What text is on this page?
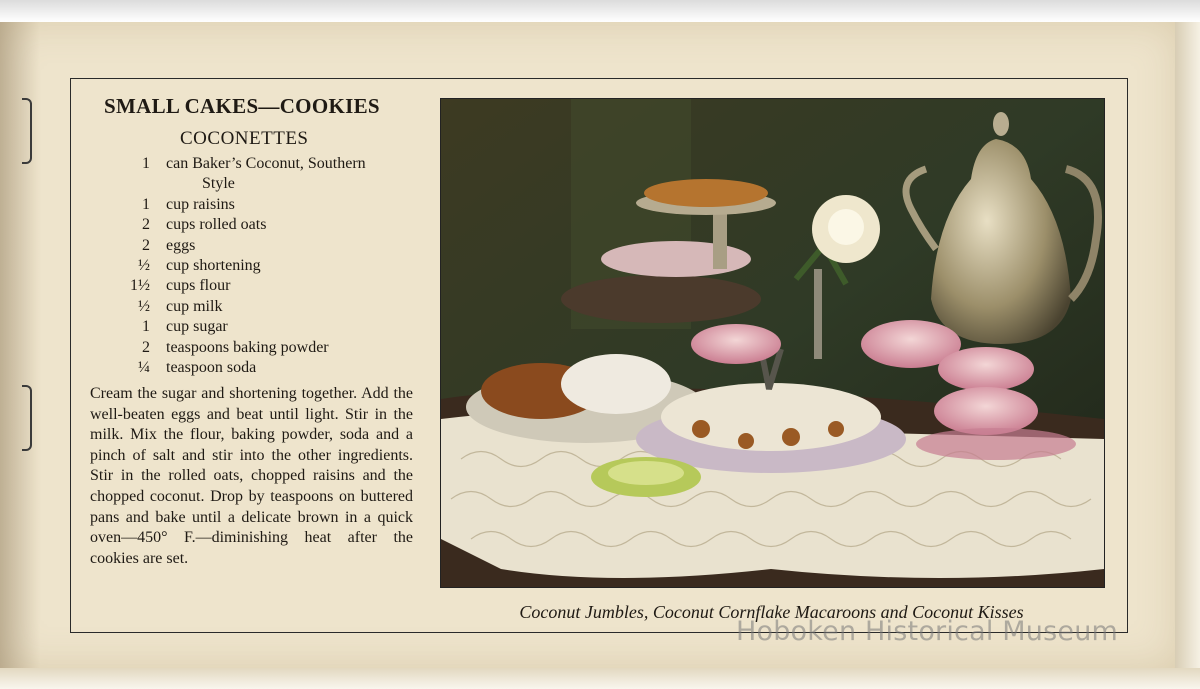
SMALL CAKES—COOKIES
COCONETTES
1 can Baker’s Coconut, Southern
Style
1 cup raisins
2 cups rolled oats
2 eggs
½ cup shortening
1½ cups flour
½ cup milk
1 cup sugar
2 teaspoons baking powder
¼ teaspoon soda

Cream the sugar and shortening together. Add the well-beaten eggs and beat until light. Stir in the milk. Mix the flour, baking powder, soda and a pinch of salt and stir into the other ingredients. Stir in the rolled oats, chopped raisins and the chopped coconut. Drop by teaspoons on buttered pans and bake until a delicate brown in a quick oven—450° F.—diminishing heat after the cookies are set.

Coconut Jumbles, Coconut Cornflake Macaroons and Coconut Kisses
Hoboken Historical Museum
